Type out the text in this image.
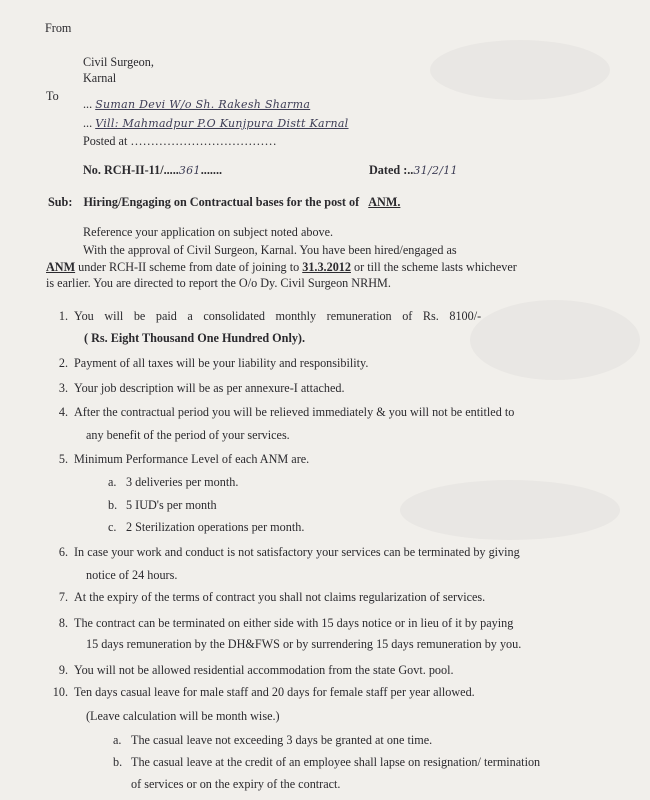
From
Civil Surgeon,
Karnal
To
... Suman Devi W/o Sh. Rakesh Sharma
... Vill: Mahmadpur P.O Kunjpura Distt Karnal
Posted at ………………………………
No. RCH-II-11/.....361.......	Dated :..31/2/11
Sub: Hiring/Engaging on Contractual bases for the post of ANM.
Reference your application on subject noted above.
With the approval of Civil Surgeon, Karnal. You have been hired/engaged as
ANM under RCH-II scheme from date of joining to 31.3.2012 or till the scheme lasts whichever
is earlier. You are directed to report the O/o Dy. Civil Surgeon NRHM.
1. You will be paid a consolidated monthly remuneration of Rs. 8100/-
( Rs. Eight Thousand One Hundred Only).
2. Payment of all taxes will be your liability and responsibility.
3. Your job description will be as per annexure-I attached.
4. After the contractual period you will be relieved immediately & you will not be entitled to
any benefit of the period of your services.
5. Minimum Performance Level of each ANM are.
a. 3 deliveries per month.
b. 5 IUD's per month
c. 2 Sterilization operations per month.
6. In case your work and conduct is not satisfactory your services can be terminated by giving
notice of 24 hours.
7. At the expiry of the terms of contract you shall not claims regularization of services.
8. The contract can be terminated on either side with 15 days notice or in lieu of it by paying
15 days remuneration by the DH&FWS or by surrendering 15 days remuneration by you.
9. You will not be allowed residential accommodation from the state Govt. pool.
10. Ten days casual leave for male staff and 20 days for female staff per year allowed.
(Leave calculation will be month wise.)
a. The casual leave not exceeding 3 days be granted at one time.
b. The casual leave at the credit of an employee shall lapse on resignation/ termination
of services or on the expiry of the contract.
